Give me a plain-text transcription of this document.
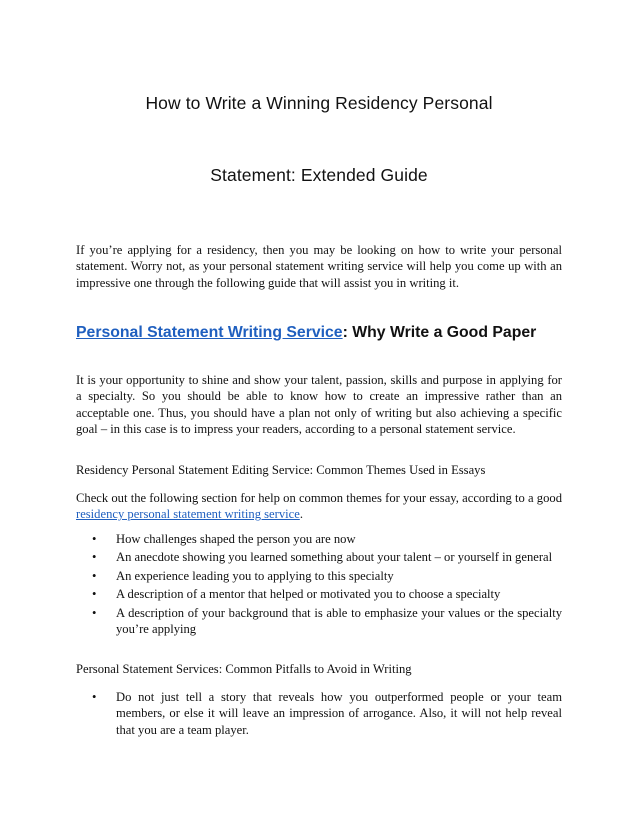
How to Write a Winning Residency Personal
Statement: Extended Guide

If you’re applying for a residency, then you may be looking on how to write your personal statement. Worry not, as your personal statement writing service will help you come up with an impressive one through the following guide that will assist you in writing it.

Personal Statement Writing Service: Why Write a Good Paper

It is your opportunity to shine and show your talent, passion, skills and purpose in applying for a specialty. So you should be able to know how to create an impressive rather than an acceptable one. Thus, you should have a plan not only of writing but also achieving a specific goal – in this case is to impress your readers, according to a personal statement service.

Residency Personal Statement Editing Service: Common Themes Used in Essays

Check out the following section for help on common themes for your essay, according to a good residency personal statement writing service.

• How challenges shaped the person you are now
• An anecdote showing you learned something about your talent – or yourself in general
• An experience leading you to applying to this specialty
• A description of a mentor that helped or motivated you to choose a specialty
• A description of your background that is able to emphasize your values or the specialty you’re applying

Personal Statement Services: Common Pitfalls to Avoid in Writing

• Do not just tell a story that reveals how you outperformed people or your team members, or else it will leave an impression of arrogance. Also, it will not help reveal that you are a team player.
